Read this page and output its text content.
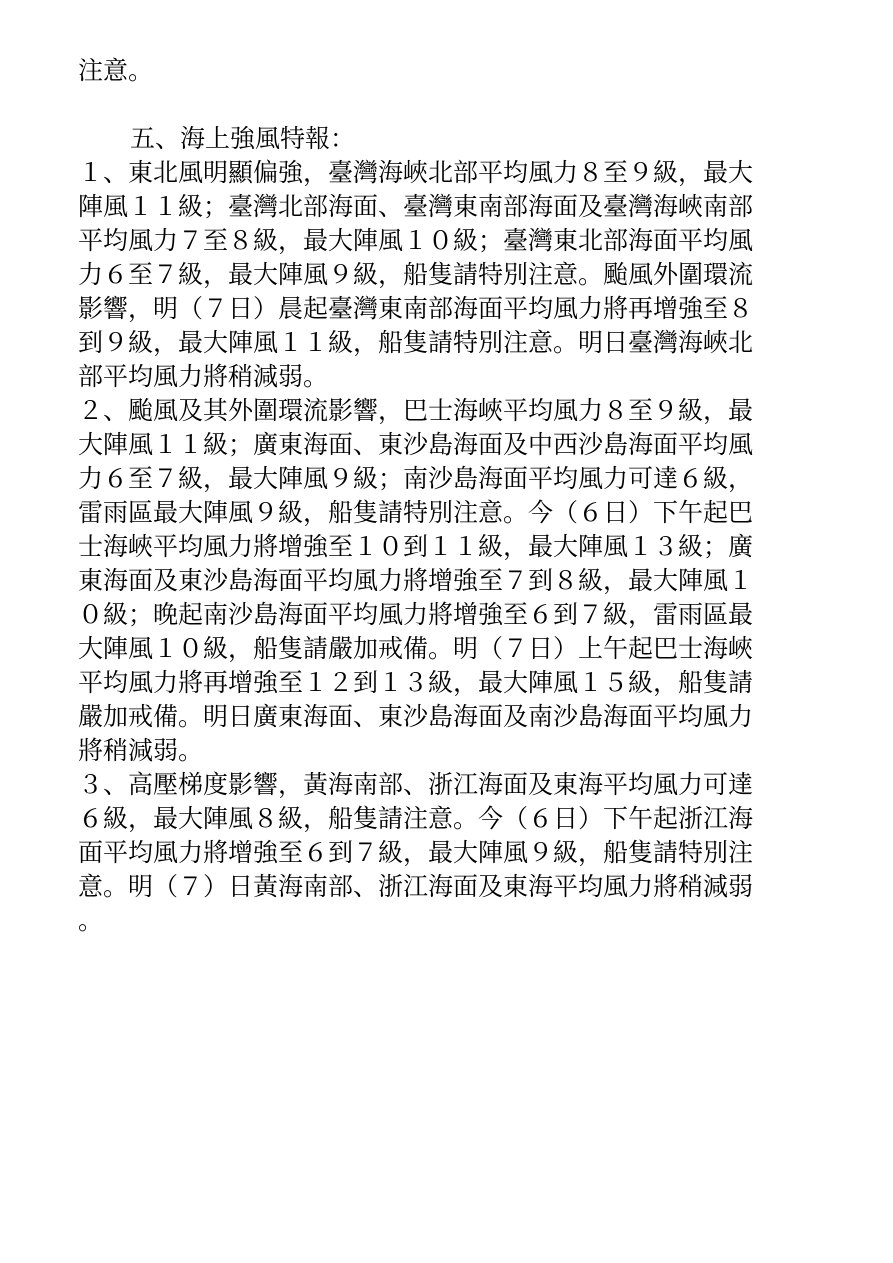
注意。
五、海上強風特報：
１、東北風明顯偏強，臺灣海峽北部平均風力８至９級，最大
陣風１１級；臺灣北部海面、臺灣東南部海面及臺灣海峽南部
平均風力７至８級，最大陣風１０級；臺灣東北部海面平均風
力６至７級，最大陣風９級，船隻請特別注意。颱風外圍環流
影響，明（７日）晨起臺灣東南部海面平均風力將再增強至８
到９級，最大陣風１１級，船隻請特別注意。明日臺灣海峽北
部平均風力將稍減弱。
２、颱風及其外圍環流影響，巴士海峽平均風力８至９級，最
大陣風１１級；廣東海面、東沙島海面及中西沙島海面平均風
力６至７級，最大陣風９級；南沙島海面平均風力可達６級，
雷雨區最大陣風９級，船隻請特別注意。今（６日）下午起巴
士海峽平均風力將增強至１０到１１級，最大陣風１３級；廣
東海面及東沙島海面平均風力將增強至７到８級，最大陣風１
０級；晚起南沙島海面平均風力將增強至６到７級，雷雨區最
大陣風１０級，船隻請嚴加戒備。明（７日）上午起巴士海峽
平均風力將再增強至１２到１３級，最大陣風１５級，船隻請
嚴加戒備。明日廣東海面、東沙島海面及南沙島海面平均風力
將稍減弱。
３、高壓梯度影響，黃海南部、浙江海面及東海平均風力可達
６級，最大陣風８級，船隻請注意。今（６日）下午起浙江海
面平均風力將增強至６到７級，最大陣風９級，船隻請特別注
意。明（７）日黃海南部、浙江海面及東海平均風力將稍減弱
。
